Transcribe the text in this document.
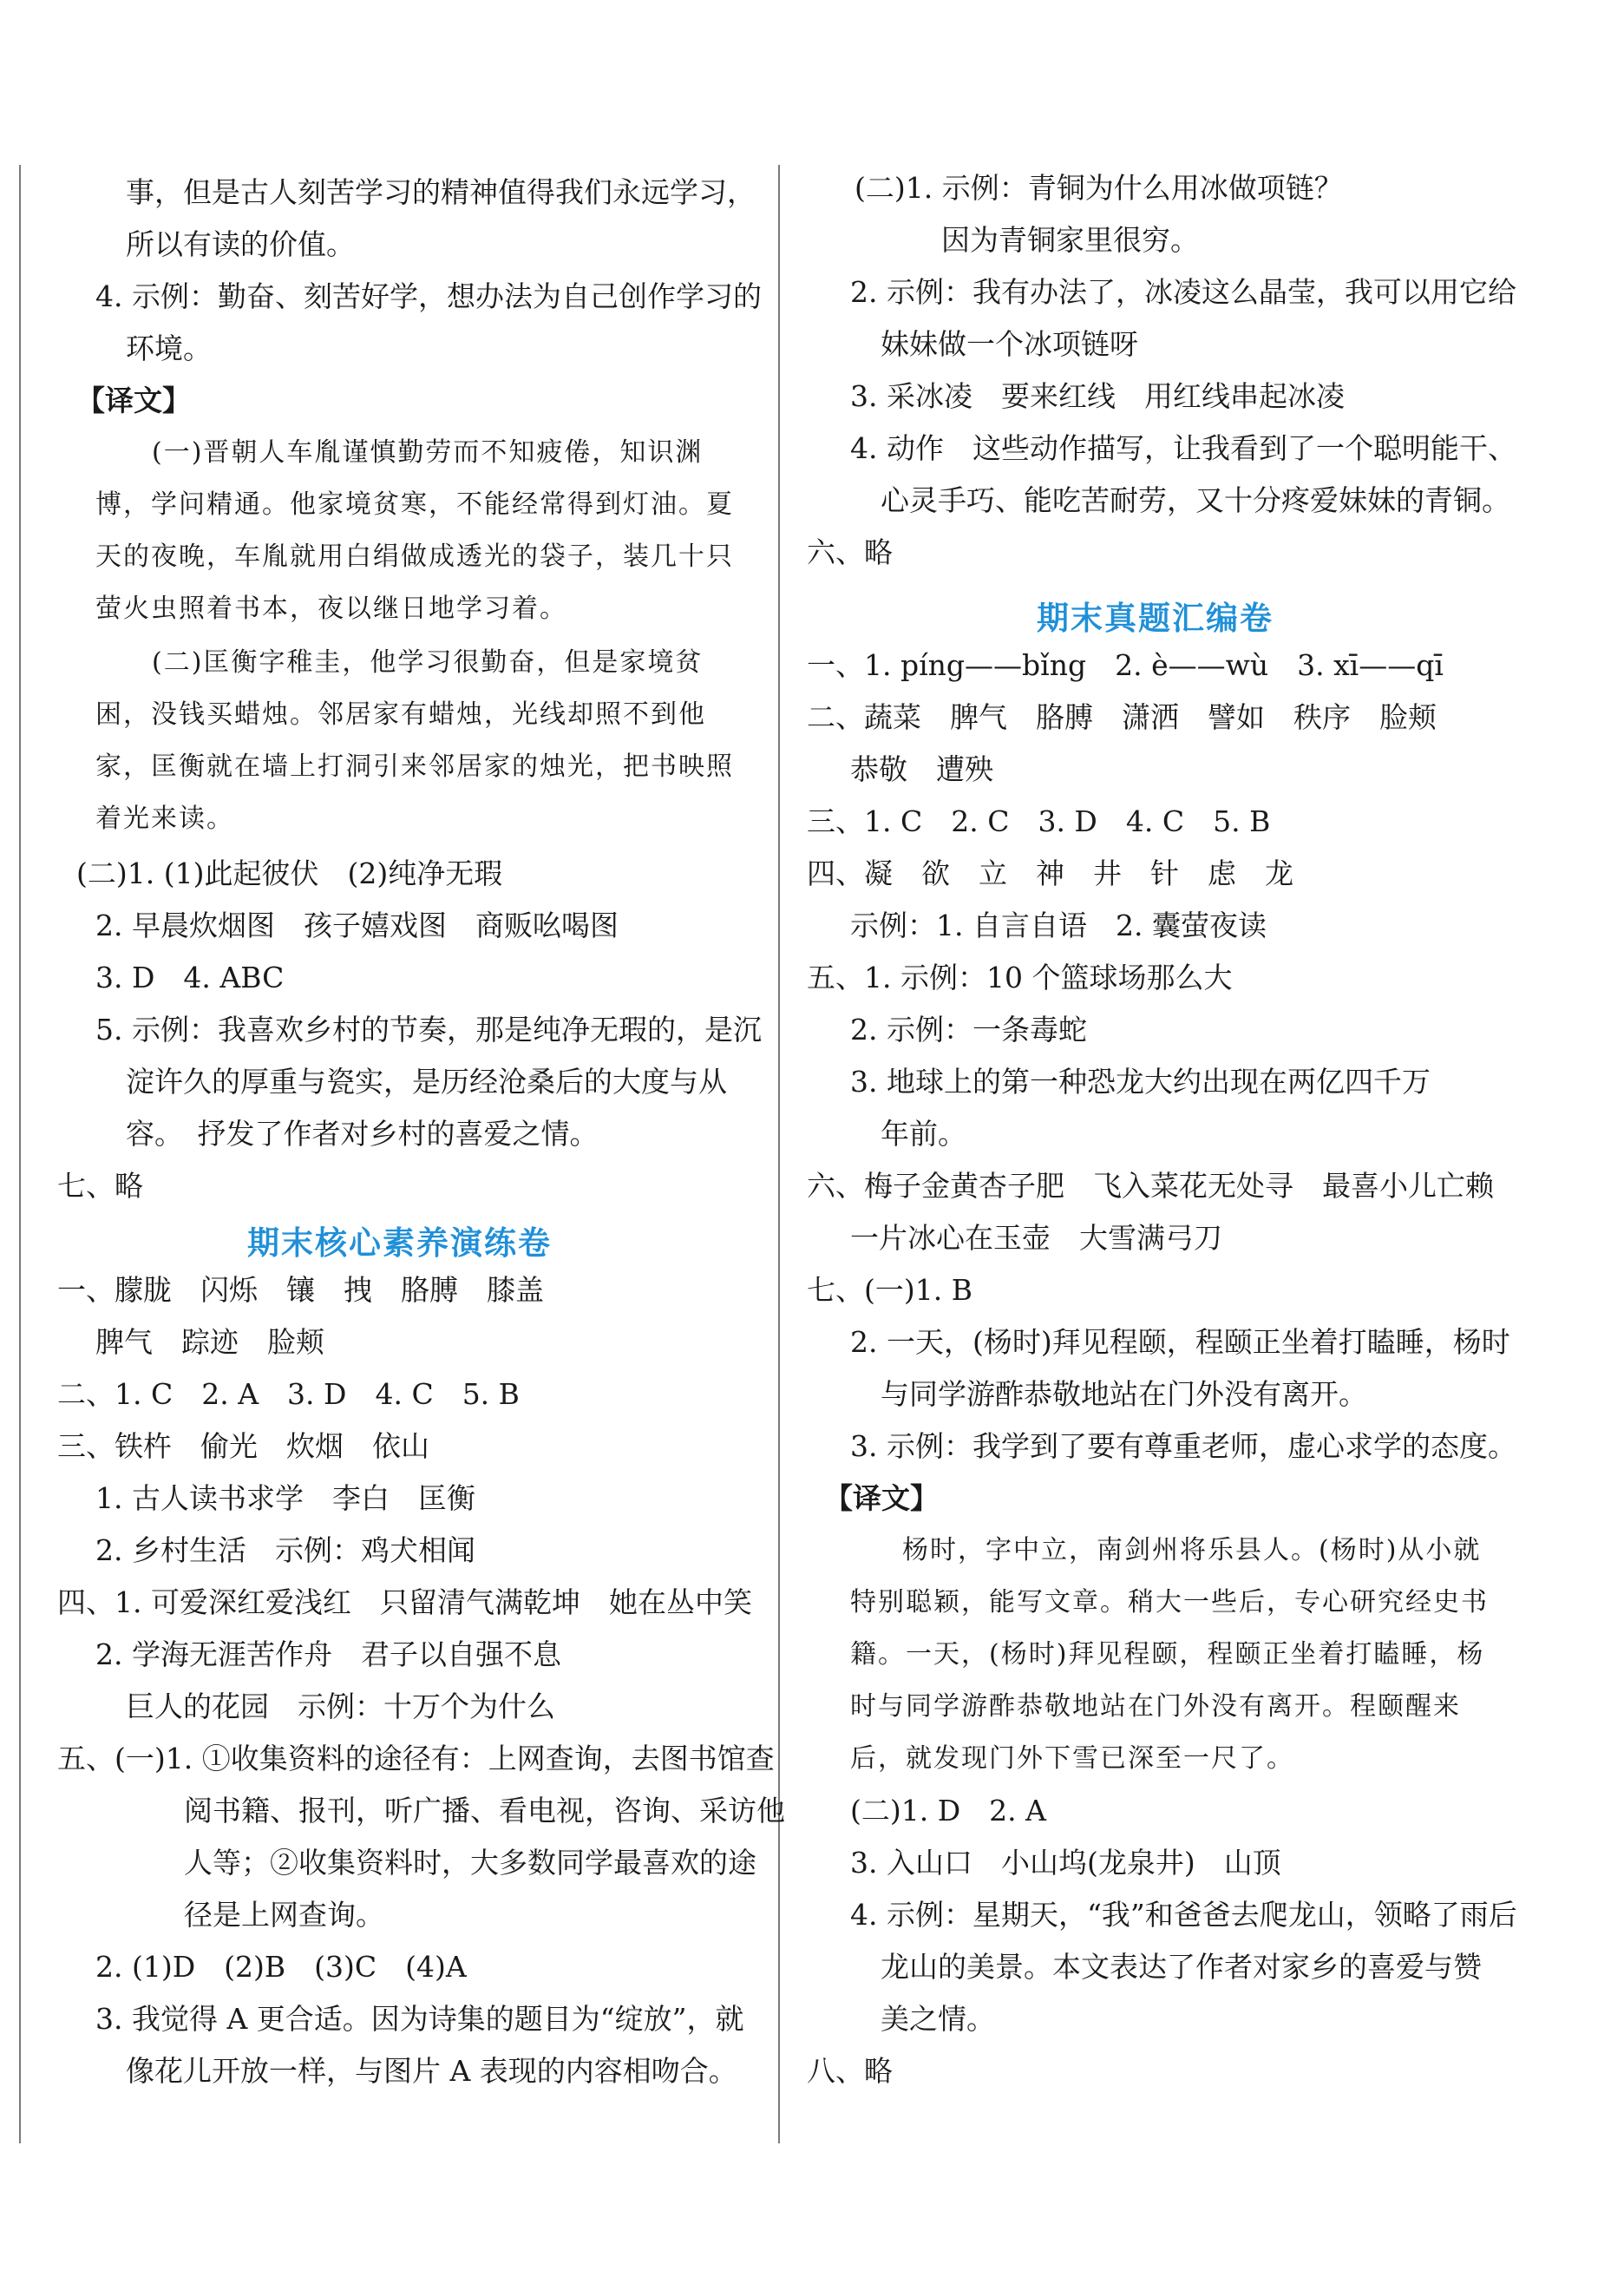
期末核心素养演练卷
期末真题汇编卷
事，但是古人刻苦学习的精神值得我们永远学习，
所以有读的价值。
4. 示例：勤奋、刻苦好学，想办法为自己创作学习的
环境。
【译文】
(一)晋朝人车胤谨慎勤劳而不知疲倦，知识渊
博，学问精通。他家境贫寒，不能经常得到灯油。夏
天的夜晚，车胤就用白绢做成透光的袋子，装几十只
萤火虫照着书本，夜以继日地学习着。
(二)匡衡字稚圭，他学习很勤奋，但是家境贫
困，没钱买蜡烛。邻居家有蜡烛，光线却照不到他
家，匡衡就在墙上打洞引来邻居家的烛光，把书映照
着光来读。
(二)1. (1)此起彼伏　(2)纯净无瑕
2. 早晨炊烟图　孩子嬉戏图　商贩吆喝图
3. D　4. ABC
5. 示例：我喜欢乡村的节奏，那是纯净无瑕的，是沉
淀许久的厚重与瓷实，是历经沧桑后的大度与从
容。　抒发了作者对乡村的喜爱之情。
七、略
一、朦胧　闪烁　镶　拽　胳膊　膝盖
脾气　踪迹　脸颊
二、1. C　2. A　3. D　4. C　5. B
三、铁杵　偷光　炊烟　依山
1. 古人读书求学　李白　匡衡
2. 乡村生活　示例：鸡犬相闻
四、1. 可爱深红爱浅红　只留清气满乾坤　她在丛中笑
2. 学海无涯苦作舟　君子以自强不息
巨人的花园　示例：十万个为什么
五、(一)1. ①收集资料的途径有：上网查询，去图书馆查
阅书籍、报刊，听广播、看电视，咨询、采访他
人等；②收集资料时，大多数同学最喜欢的途
径是上网查询。
2. (1)D　(2)B　(3)C　(4)A
3. 我觉得 A 更合适。因为诗集的题目为“绽放”，就
像花儿开放一样，与图片 A 表现的内容相吻合。
(二)1. 示例：青铜为什么用冰做项链？
因为青铜家里很穷。
2. 示例：我有办法了，冰凌这么晶莹，我可以用它给
妹妹做一个冰项链呀
3. 采冰凌　要来红线　用红线串起冰凌
4. 动作　这些动作描写，让我看到了一个聪明能干、
心灵手巧、能吃苦耐劳，又十分疼爱妹妹的青铜。
六、略
一、1. píng——bǐng　2. è——wù　3. xī——qī
二、蔬菜　脾气　胳膊　潇洒　譬如　秩序　脸颊
恭敬　遭殃
三、1. C　2. C　3. D　4. C　5. B
四、凝　欲　立　神　井　针　虑　龙
示例：1. 自言自语　2. 囊萤夜读
五、1. 示例：10 个篮球场那么大
2. 示例：一条毒蛇
3. 地球上的第一种恐龙大约出现在两亿四千万
年前。
六、梅子金黄杏子肥　飞入菜花无处寻　最喜小儿亡赖
一片冰心在玉壶　大雪满弓刀
七、(一)1. B
2. 一天，(杨时)拜见程颐，程颐正坐着打瞌睡，杨时
与同学游酢恭敬地站在门外没有离开。
3. 示例：我学到了要有尊重老师，虚心求学的态度。
【译文】
杨时，字中立，南剑州将乐县人。(杨时)从小就
特别聪颖，能写文章。稍大一些后，专心研究经史书
籍。一天，(杨时)拜见程颐，程颐正坐着打瞌睡，杨
时与同学游酢恭敬地站在门外没有离开。程颐醒来
后，就发现门外下雪已深至一尺了。
(二)1. D　2. A
3. 入山口　小山坞(龙泉井)　山顶
4. 示例：星期天，“我”和爸爸去爬龙山，领略了雨后
龙山的美景。本文表达了作者对家乡的喜爱与赞
美之情。
八、略
